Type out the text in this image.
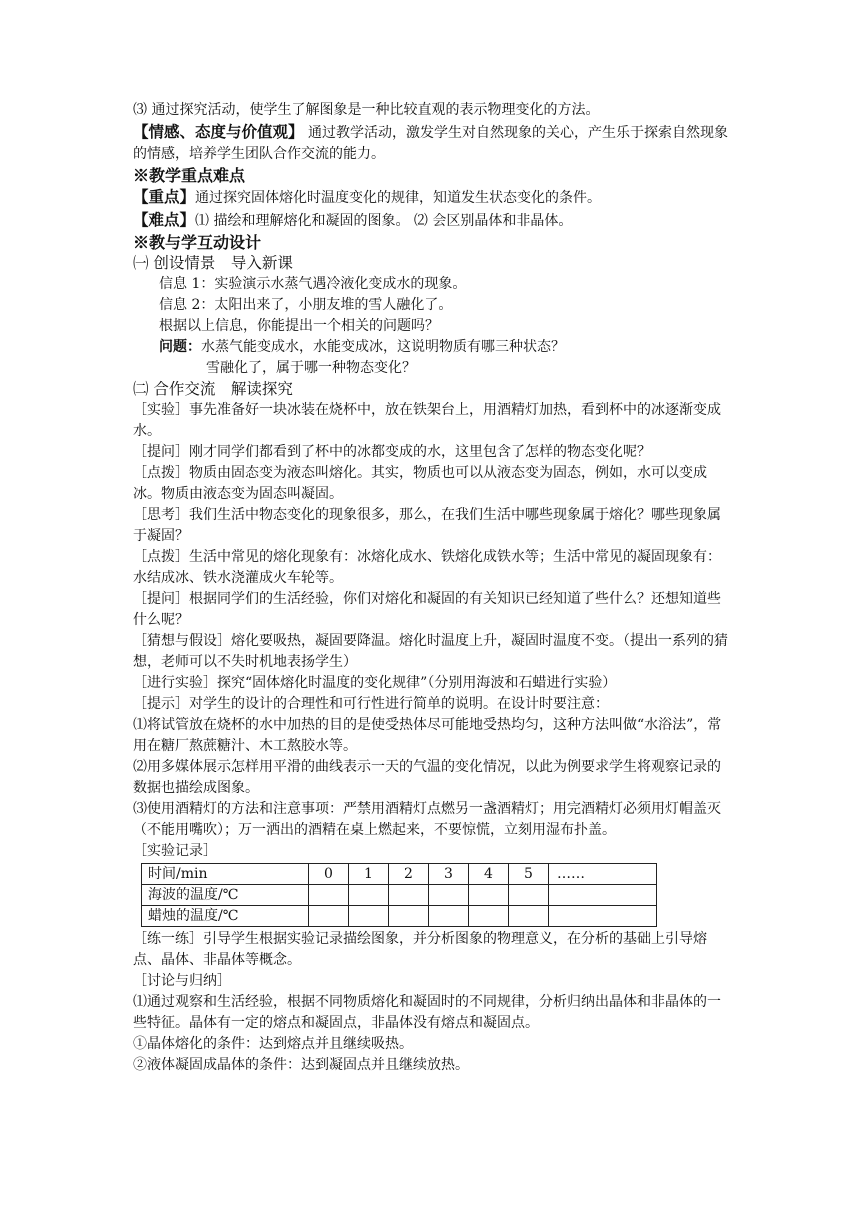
⑶ 通过探究活动，使学生了解图象是一种比较直观的表示物理变化的方法。

【情感、态度与价值观】 通过教学活动，激发学生对自然现象的关心，产生乐于探索自然现象的情感，培养学生团队合作交流的能力。

※教学重点难点

【重点】通过探究固体熔化时温度变化的规律，知道发生状态变化的条件。

【难点】⑴ 描绘和理解熔化和凝固的图象。 ⑵ 会区别晶体和非晶体。

※教与学互动设计

㈠ 创设情景　导入新课

信息 1：实验演示水蒸气遇冷液化变成水的现象。

信息 2：太阳出来了，小朋友堆的雪人融化了。

根据以上信息，你能提出一个相关的问题吗？

问题：水蒸气能变成水，水能变成冰，这说明物质有哪三种状态？

雪融化了，属于哪一种物态变化？

㈡ 合作交流　解读探究

［实验］事先准备好一块冰装在烧杯中，放在铁架台上，用酒精灯加热，看到杯中的冰逐渐变成水。

［提问］刚才同学们都看到了杯中的冰都变成的水，这里包含了怎样的物态变化呢？

［点拨］物质由固态变为液态叫熔化。其实，物质也可以从液态变为固态，例如，水可以变成冰。物质由液态变为固态叫凝固。

［思考］我们生活中物态变化的现象很多，那么，在我们生活中哪些现象属于熔化？哪些现象属于凝固？

［点拨］生活中常见的熔化现象有：冰熔化成水、铁熔化成铁水等；生活中常见的凝固现象有：水结成冰、铁水浇灌成火车轮等。

［提问］根据同学们的生活经验，你们对熔化和凝固的有关知识已经知道了些什么？还想知道些什么呢？

［猜想与假设］熔化要吸热，凝固要降温。熔化时温度上升，凝固时温度不变。（提出一系列的猜想，老师可以不失时机地表扬学生）

［进行实验］探究“固体熔化时温度的变化规律”（分别用海波和石蜡进行实验）

［提示］对学生的设计的合理性和可行性进行简单的说明。在设计时要注意：

⑴将试管放在烧杯的水中加热的目的是使受热体尽可能地受热均匀，这种方法叫做“水浴法”，常用在糖厂熬蔗糖汁、木工熬胶水等。

⑵用多媒体展示怎样用平滑的曲线表示一天的气温的变化情况，以此为例要求学生将观察记录的数据也描绘成图象。

⑶使用酒精灯的方法和注意事项：严禁用酒精灯点燃另一盏酒精灯；用完酒精灯必须用灯帽盖灭（不能用嘴吹）；万一洒出的酒精在桌上燃起来，不要惊慌，立刻用湿布扑盖。

［实验记录］

时间/min	0	1	2	3	4	5	……
海波的温度/℃							
蜡烛的温度/℃							

［练一练］引导学生根据实验记录描绘图象，并分析图象的物理意义，在分析的基础上引导熔点、晶体、非晶体等概念。

［讨论与归纳］

⑴通过观察和生活经验，根据不同物质熔化和凝固时的不同规律，分析归纳出晶体和非晶体的一些特征。晶体有一定的熔点和凝固点，非晶体没有熔点和凝固点。

①晶体熔化的条件：达到熔点并且继续吸热。

②液体凝固成晶体的条件：达到凝固点并且继续放热。
